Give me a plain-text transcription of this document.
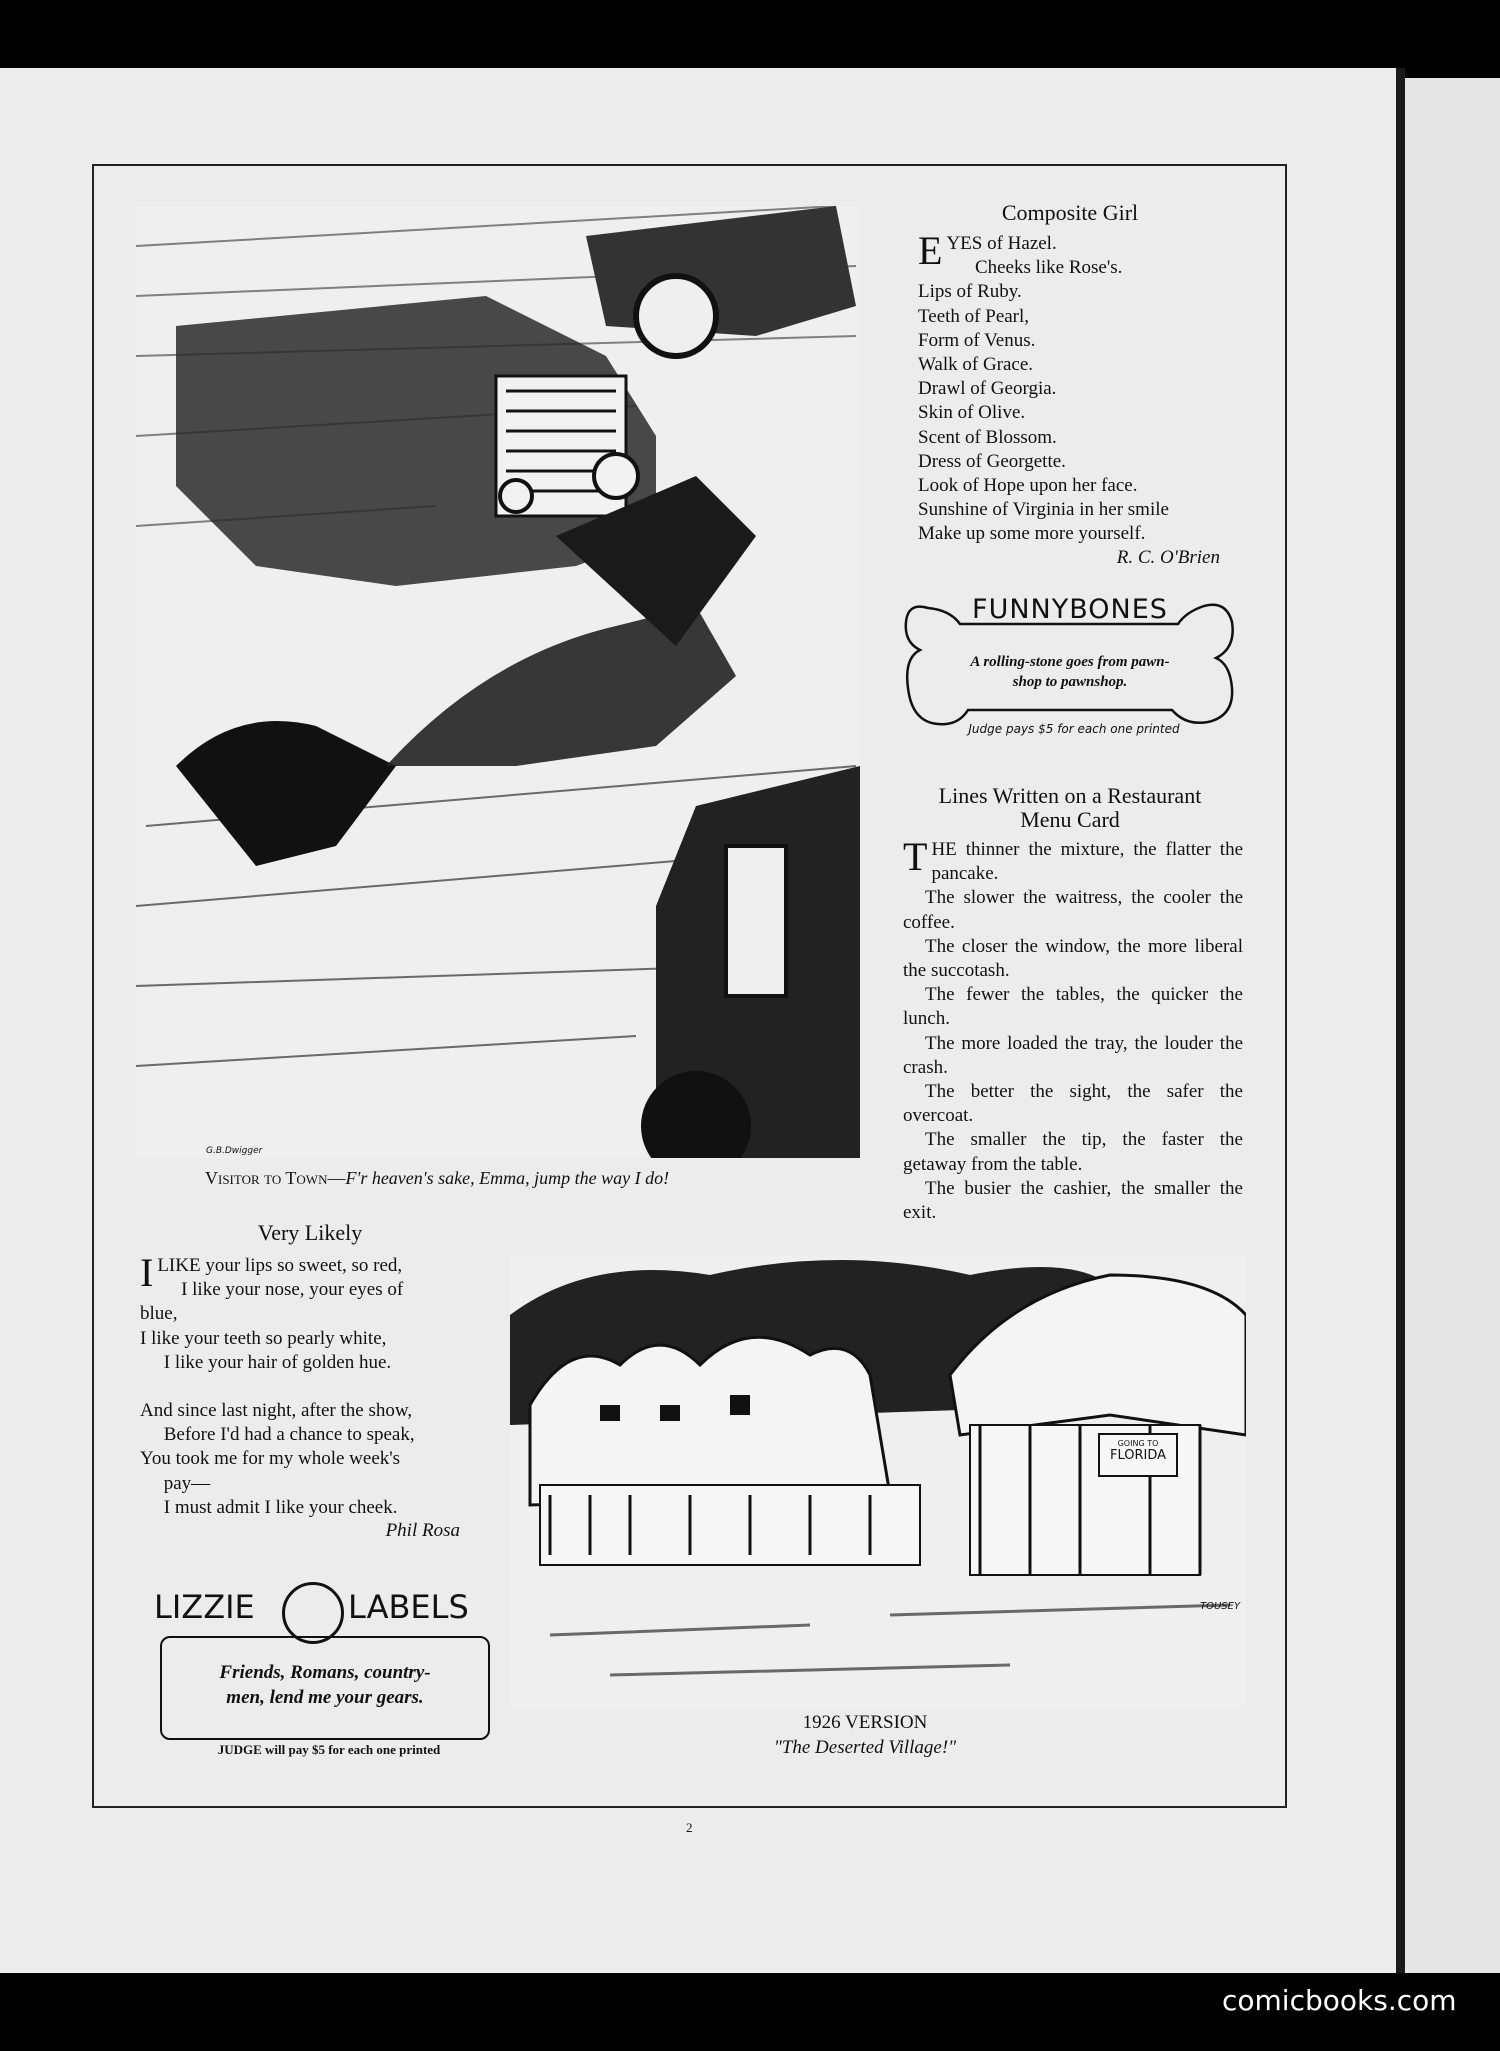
G.B.Dwigger
Visitor to Town—F'r heaven's sake, Emma, jump the way I do!
Composite Girl
E YES of Hazel.
Cheeks like Rose's.
Lips of Ruby.
Teeth of Pearl,
Form of Venus.
Walk of Grace.
Drawl of Georgia.
Skin of Olive.
Scent of Blossom.
Dress of Georgette.
Look of Hope upon her face.
Sunshine of Virginia in her smile
Make up some more yourself.
R. C. O'Brien
FUNNYBONES
A rolling-stone goes from pawn-
shop to pawnshop.
Judge pays $5 for each one printed
Lines Written on a Restaurant
Menu Card
T HE thinner the mixture, the flatter the pancake.

The slower the waitress, the cooler the coffee.

The closer the window, the more liberal the succotash.

The fewer the tables, the quicker the lunch.

The more loaded the tray, the louder the crash.

The better the sight, the safer the overcoat.

The smaller the tip, the faster the getaway from the table.

The busier the cashier, the smaller the exit.

Very Likely
I LIKE your lips so sweet, so red,
I like your nose, your eyes of
blue,
I like your teeth so pearly white,
I like your hair of golden hue.
And since last night, after the show,
Before I'd had a chance to speak,
You took me for my whole week's
pay—
I must admit I like your cheek.
Phil Rosa
LIZZIE	LABELS
Friends, Romans, country-
men, lend me your gears.
JUDGE will pay $5 for each one printed
GOING TO
FLORIDA
TOUSEY
1926 VERSION
"The Deserted Village!"
2
comicbooks.com
